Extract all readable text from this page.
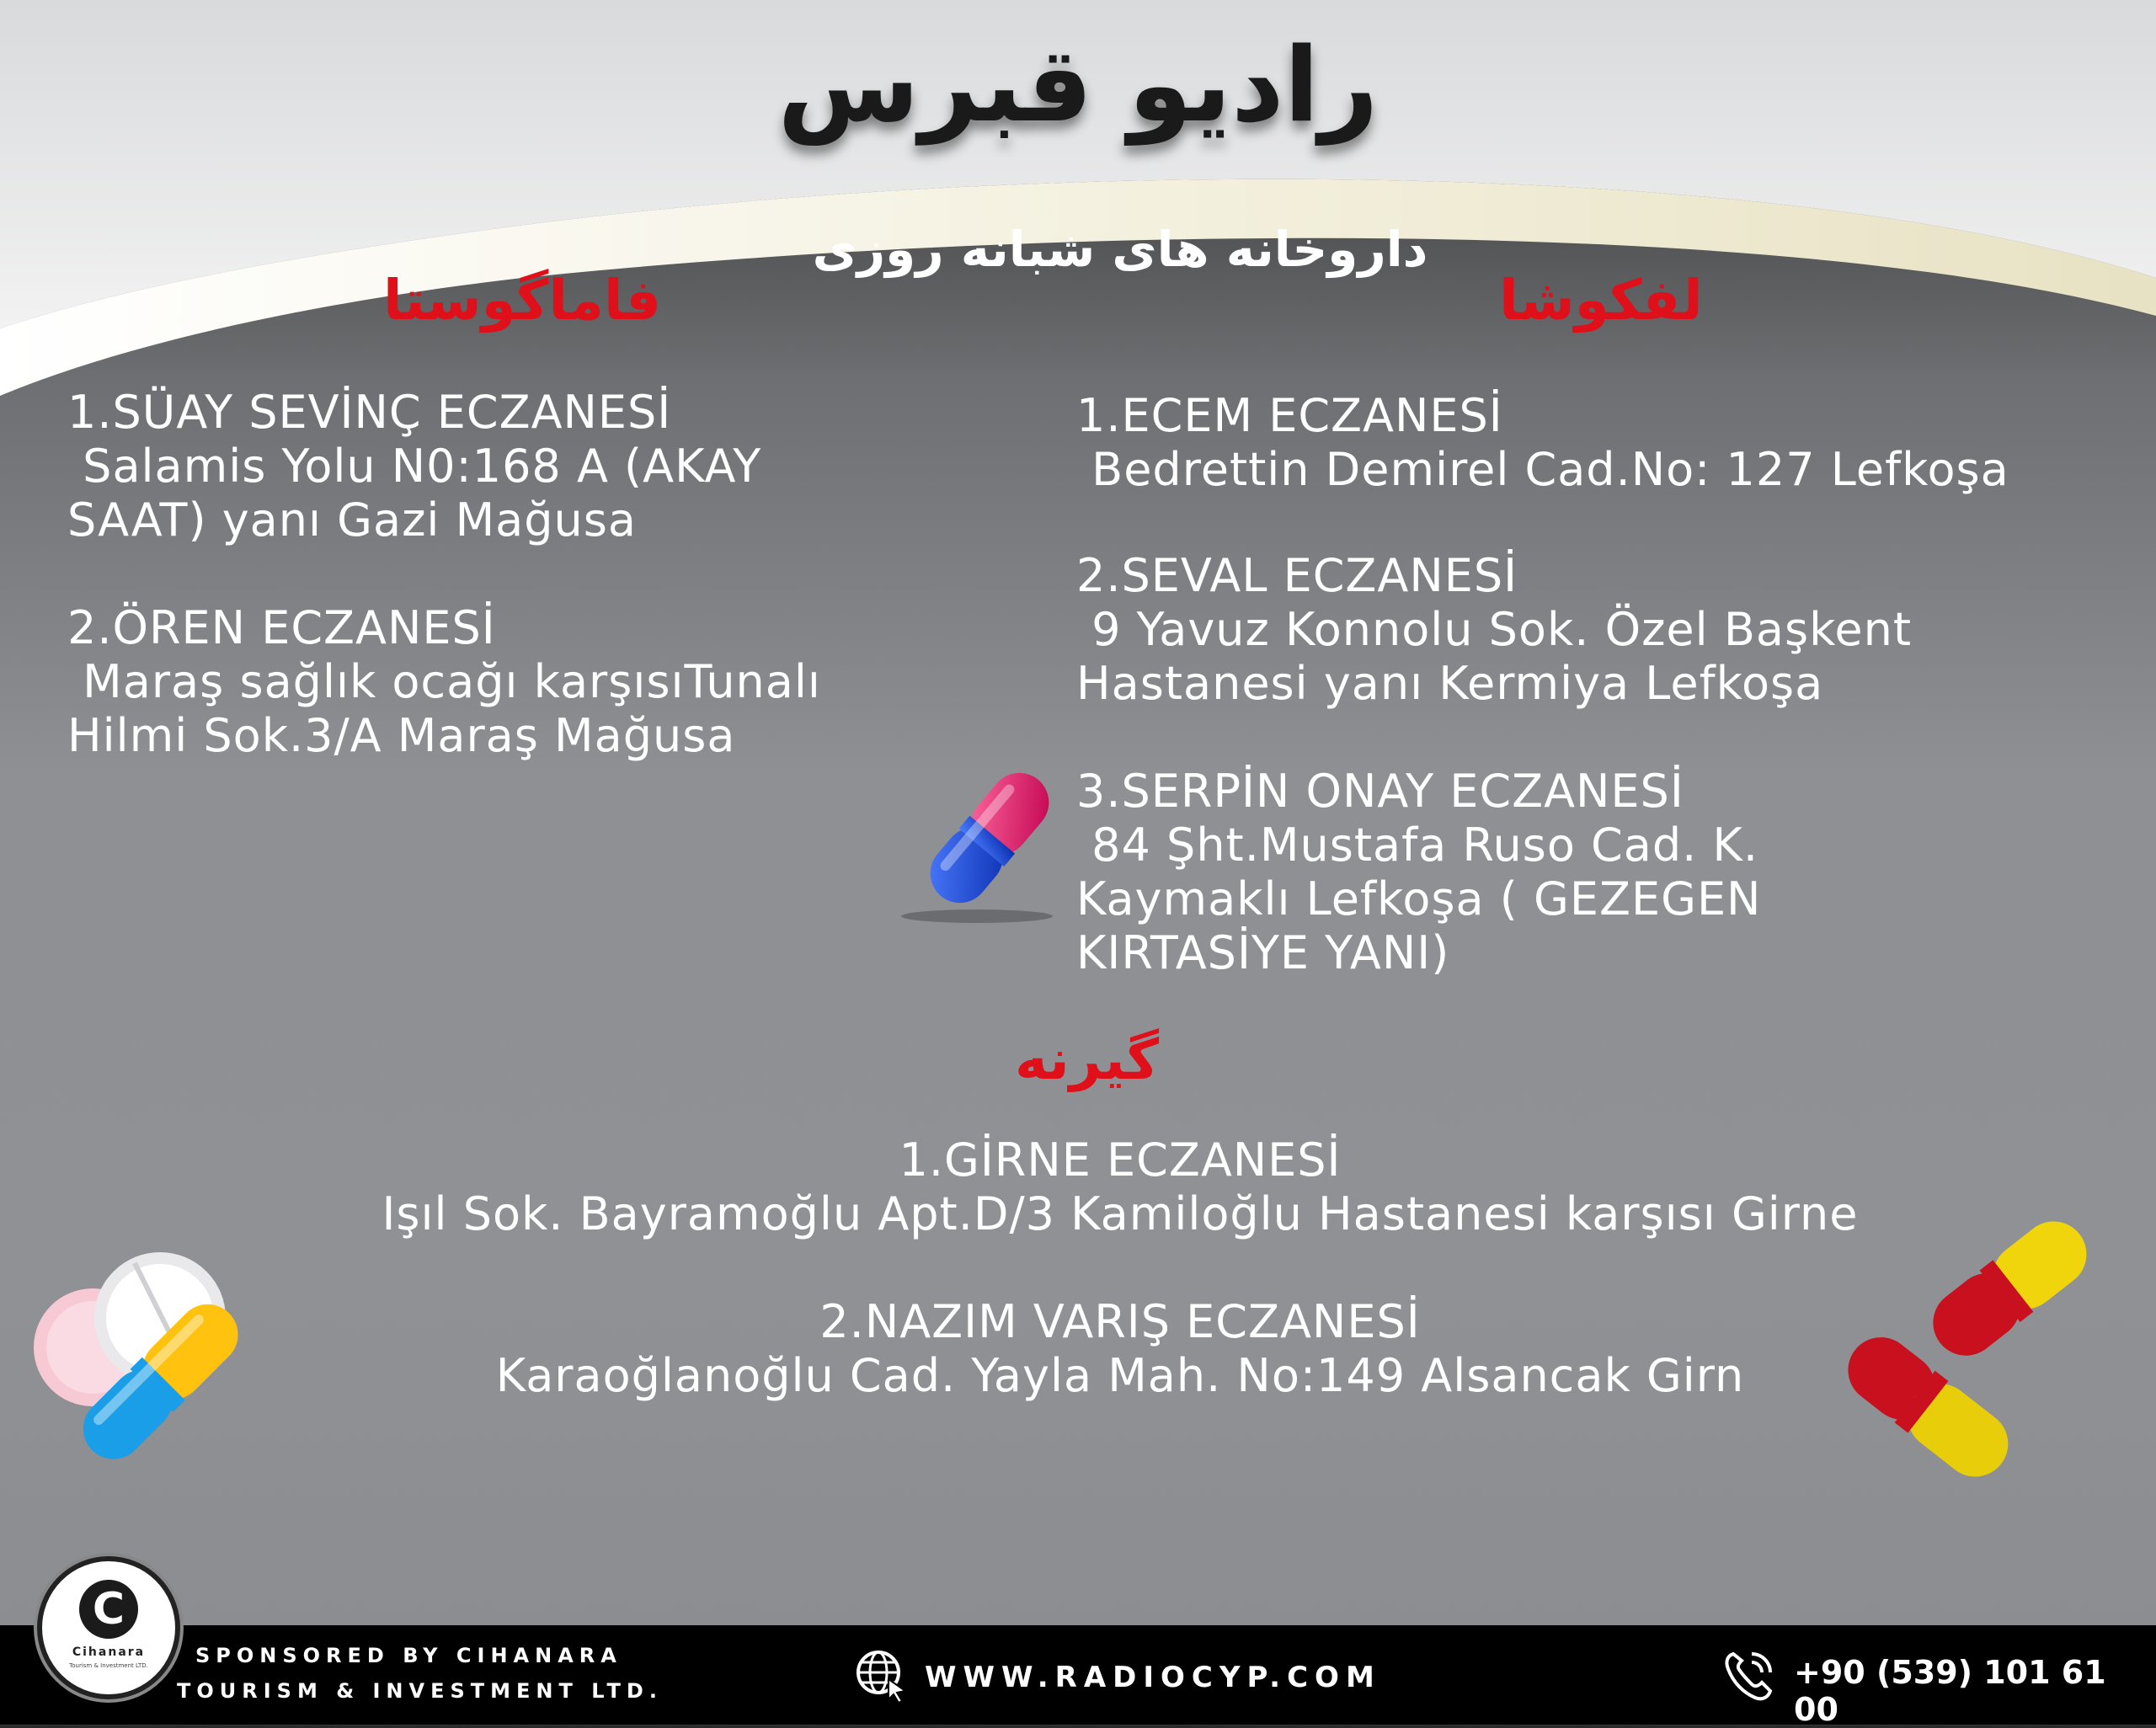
رادیو قبرس
داروخانه های شبانه روزی
فاماگوستا	لفکوشا
گیرنه
1.SÜAY SEVİNÇ ECZANESİ
Salamis Yolu N0:168 A (AKAY
SAAT) yanı Gazi Mağusa
2.ÖREN ECZANESİ
Maraş sağlık ocağı karşısıTunalı
Hilmi Sok.3/A Maraş Mağusa
1.ECEM ECZANESİ
Bedrettin Demirel Cad.No: 127 Lefkoşa
2.SEVAL ECZANESİ
9 Yavuz Konnolu Sok. Özel Başkent
Hastanesi yanı Kermiya Lefkoşa
3.SERPİN ONAY ECZANESİ
84 Şht.Mustafa Ruso Cad. K.
Kaymaklı Lefkoşa ( GEZEGEN
KIRTASİYE YANI)
1.GİRNE ECZANESİ
Işıl Sok. Bayramoğlu Apt.D/3 Kamiloğlu Hastanesi karşısı Girne
2.NAZIM VARIŞ ECZANESİ
Karaoğlanoğlu Cad. Yayla Mah. No:149 Alsancak Girn
C
Cihanara
Tourism & Investment LTD.	SPONSORED BY CIHANARA
TOURISM & INVESTMENT LTD.	WWW.RADIOCYP.COM	+90 (539) 101 61 00
